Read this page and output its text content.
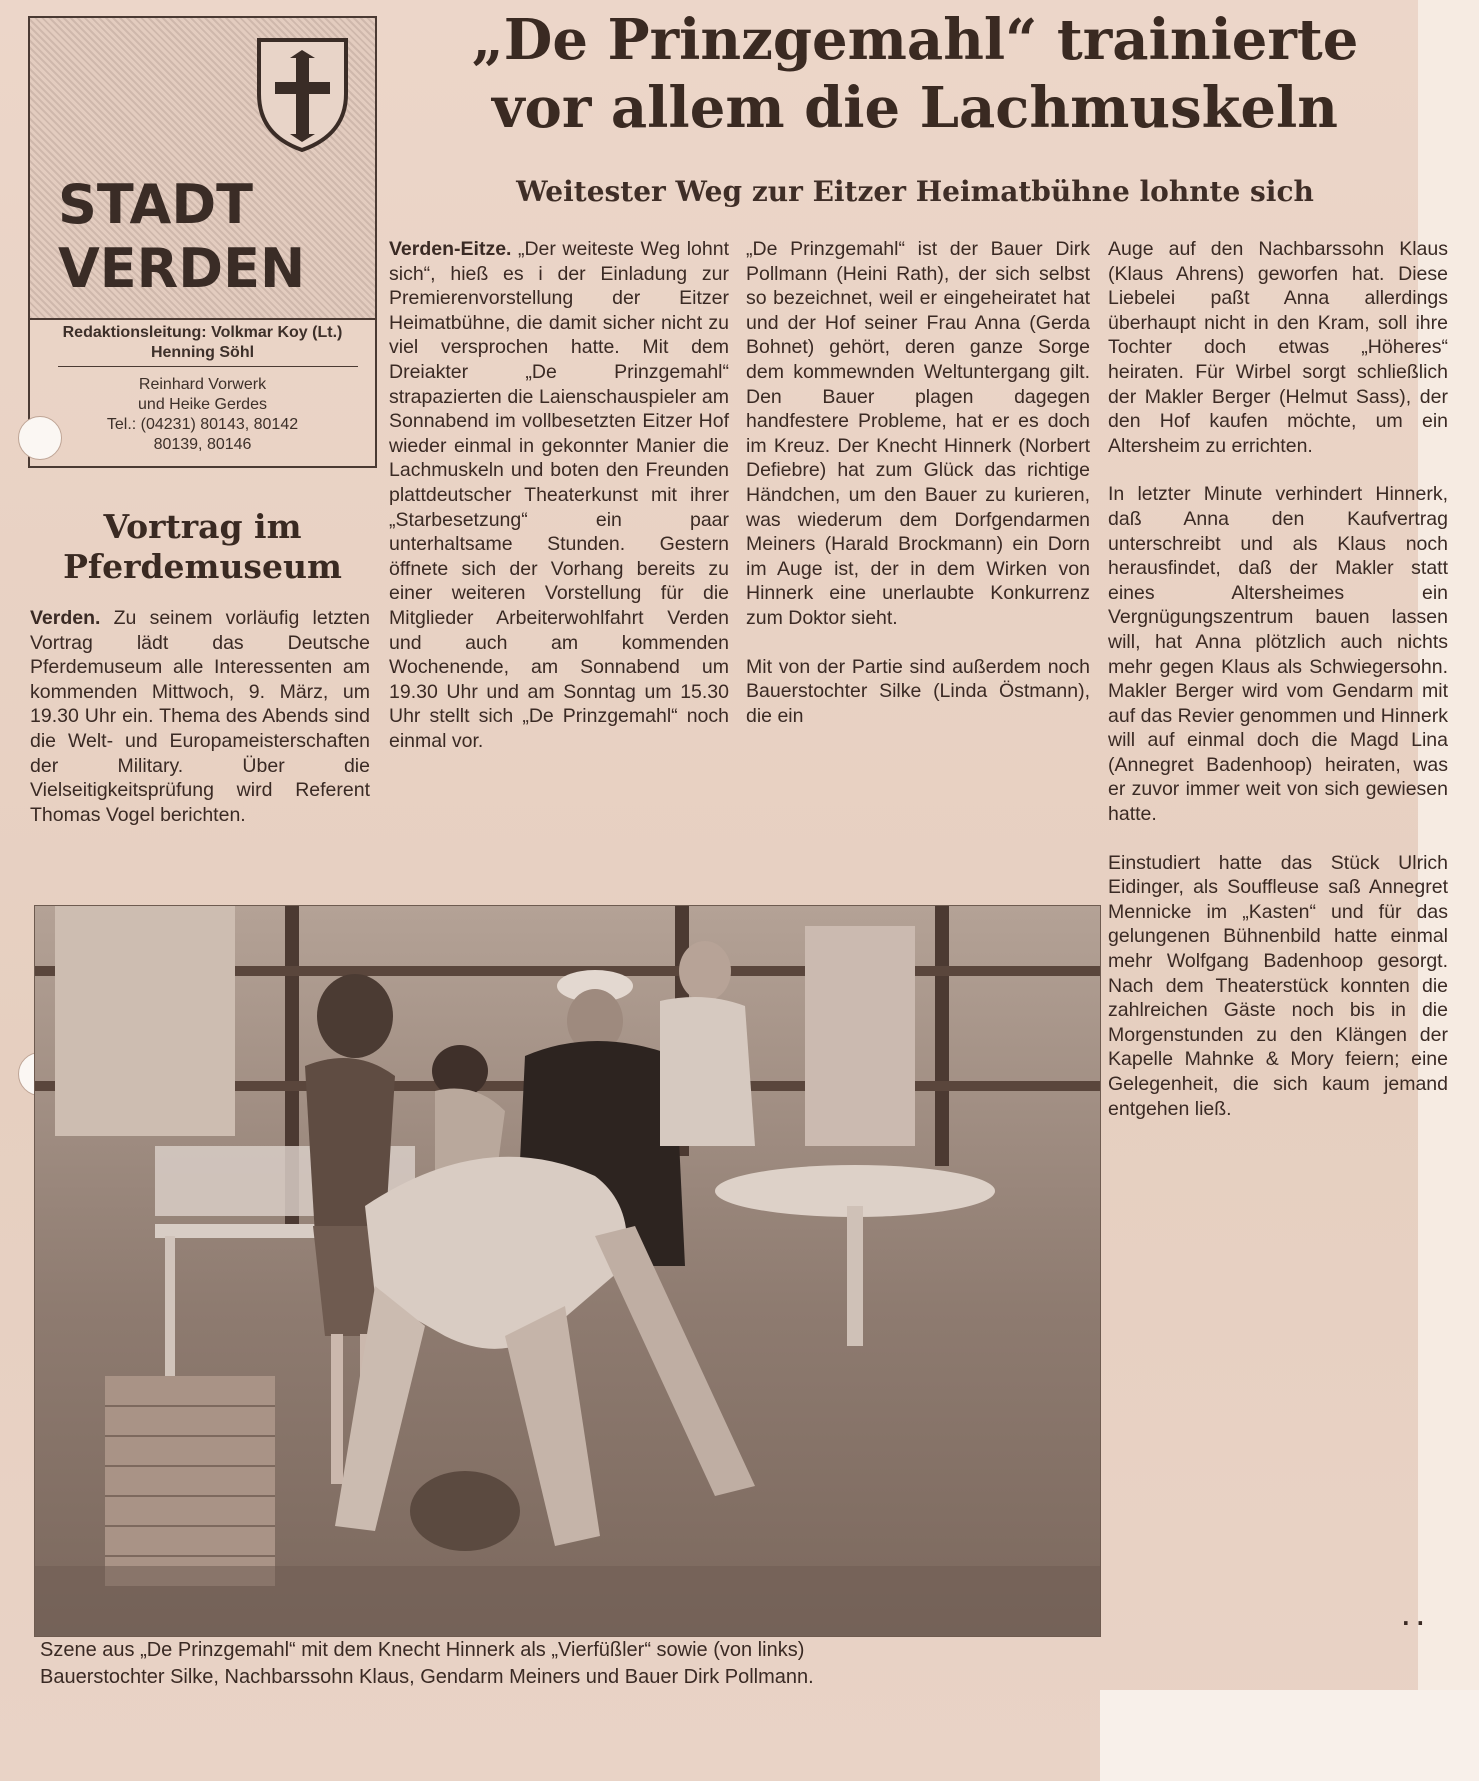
STADT
VERDEN
Redaktionsleitung: Volkmar Koy (Lt.)
Henning Söhl
Reinhard Vorwerk
und Heike Gerdes
Tel.: (04231) 80143, 80142
80139, 80146
„De Prinzgemahl“ trainierte
vor allem die Lachmuskeln
Weitester Weg zur Eitzer Heimatbühne lohnte sich
Vortrag im Pferdemuseum

Verden. Zu seinem vorläufig letzten Vortrag lädt das Deutsche Pferdemuseum alle Interessenten am kommenden Mittwoch, 9. März, um 19.30 Uhr ein. Thema des Abends sind die Welt- und Europameisterschaften der Military. Über die Vielseitigkeitsprüfung wird Referent Thomas Vogel berichten.

Verden-Eitze. „Der weiteste Weg lohnt sich“, hieß es i der Einladung zur Premierenvorstellung der Eitzer Heimatbühne, die damit sicher nicht zu viel versprochen hatte. Mit dem Dreiakter „De Prinzgemahl“ strapazierten die Laienschauspieler am Sonnabend im vollbesetzten Eitzer Hof wieder einmal in gekonnter Manier die Lachmuskeln und boten den Freunden plattdeutscher Theaterkunst mit ihrer „Starbesetzung“ ein paar unterhaltsame Stunden. Gestern öffnete sich der Vorhang bereits zu einer weiteren Vorstellung für die Mitglieder Arbeiterwohlfahrt Verden und auch am kommenden Wochenende, am Sonnabend um 19.30 Uhr und am Sonntag um 15.30 Uhr stellt sich „De Prinzgemahl“ noch einmal vor.

„De Prinzgemahl“ ist der Bauer Dirk Pollmann (Heini Rath), der sich selbst so bezeichnet, weil er eingeheiratet hat und der Hof seiner Frau Anna (Gerda Bohnet) gehört, deren ganze Sorge dem kommewnden Weltuntergang gilt. Den Bauer plagen dagegen handfestere Probleme, hat er es doch im Kreuz. Der Knecht Hinnerk (Norbert Defiebre) hat zum Glück das richtige Händchen, um den Bauer zu kurieren, was wiederum dem Dorfgendarmen Meiners (Harald Brockmann) ein Dorn im Auge ist, der in dem Wirken von Hinnerk eine unerlaubte Konkurrenz zum Doktor sieht.

Mit von der Partie sind außerdem noch Bauerstochter Silke (Linda Östmann), die ein

Auge auf den Nachbarssohn Klaus (Klaus Ahrens) geworfen hat. Diese Liebelei paßt Anna allerdings überhaupt nicht in den Kram, soll ihre Tochter doch etwas „Höheres“ heiraten. Für Wirbel sorgt schließlich der Makler Berger (Helmut Sass), der den Hof kaufen möchte, um ein Altersheim zu errichten.

In letzter Minute verhindert Hinnerk, daß Anna den Kaufvertrag unterschreibt und als Klaus noch herausfindet, daß der Makler statt eines Altersheimes ein Vergnügungszentrum bauen lassen will, hat Anna plötzlich auch nichts mehr gegen Klaus als Schwiegersohn. Makler Berger wird vom Gendarm mit auf das Revier genommen und Hinnerk will auf einmal doch die Magd Lina (Annegret Badenhoop) heiraten, was er zuvor immer weit von sich gewiesen hatte.

Einstudiert hatte das Stück Ulrich Eidinger, als Souffleuse saß Annegret Mennicke im „Kasten“ und für das gelungenen Bühnenbild hatte einmal mehr Wolfgang Badenhoop gesorgt. Nach dem Theaterstück konnten die zahlreichen Gäste noch bis in die Morgenstunden zu den Klängen der Kapelle Mahnke & Mory feiern; eine Gelegenheit, die sich kaum jemand entgehen ließ.

· ·
Szene aus „De Prinzgemahl“ mit dem Knecht Hinnerk als „Vierfüßler“ sowie (von links)
Bauerstochter Silke, Nachbarssohn Klaus, Gendarm Meiners und Bauer Dirk Pollmann.
